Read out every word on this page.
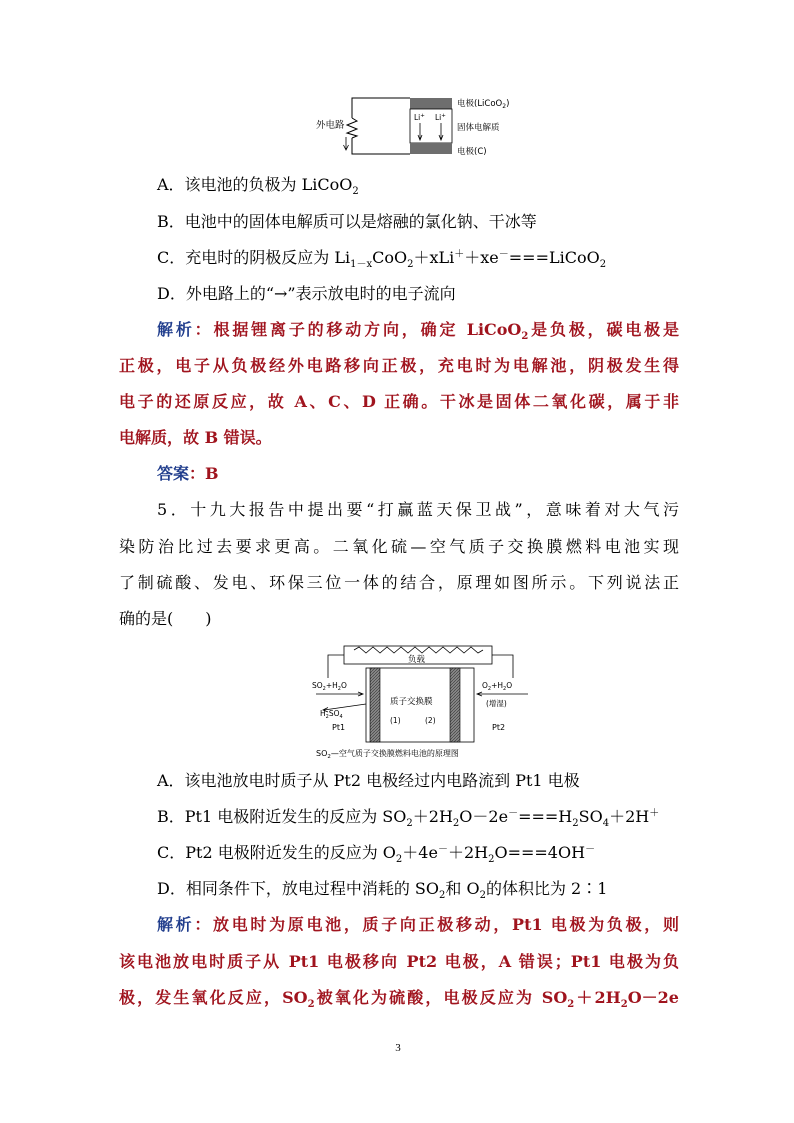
外电路
Li+ Li+
电极(LiCoO$_2$)
固体电解质
电极(C)
A．该电池的负极为 LiCoO$_2$
B．电池中的固体电解质可以是熔融的氯化钠、干冰等
C．充电时的阴极反应为 $Li_{1-x}CoO_2+xLi^++xe^-===LiCoO_2$
D．外电路上的“→”表示放电时的电子流向
解析：根据锂离子的移动方向，确定 LiCoO$_2$是负极，碳电极是
正极，电子从负极经外电路移向正极，充电时为电解池，阴极发生得
电子的还原反应，故 A、C、D 正确。干冰是固体二氧化碳，属于非
电解质，故 B 错误。
答案：B
5．十九大报告中提出要“打赢蓝天保卫战”，意味着对大气污
染防治比过去要求更高。二氧化硫—空气质子交换膜燃料电池实现
了制硫酸、发电、环保三位一体的结合，原理如图所示。下列说法正
确的是(　　)
负载
$SO_2+H_2O$
$H_2SO_4$
Pt1
质子交换膜
(1)	(2)
$O_2+H_2O$
(增湿)
Pt2
$SO_2—$空气质子交换膜燃料电池的原理图
A．该电池放电时质子从 Pt2 电极经过内电路流到 Pt1 电极
B．Pt1 电极附近发生的反应为 $SO_2+2H_2O-2e^-===H_2SO_4+2H^+$
C．Pt2 电极附近发生的反应为 $O_2+4e^-+2H_2O===4OH^-$
D．相同条件下，放电过程中消耗的 $SO_2$和 $O_2$的体积比为 2∶1
解析：放电时为原电池，质子向正极移动，Pt1 电极为负极，则
该电池放电时质子从 Pt1 电极移向 Pt2 电极，A 错误；Pt1 电极为负
极，发生氧化反应，$SO_2$被氧化为硫酸，电极反应为 $SO_2+2H_2O-2e$
3
